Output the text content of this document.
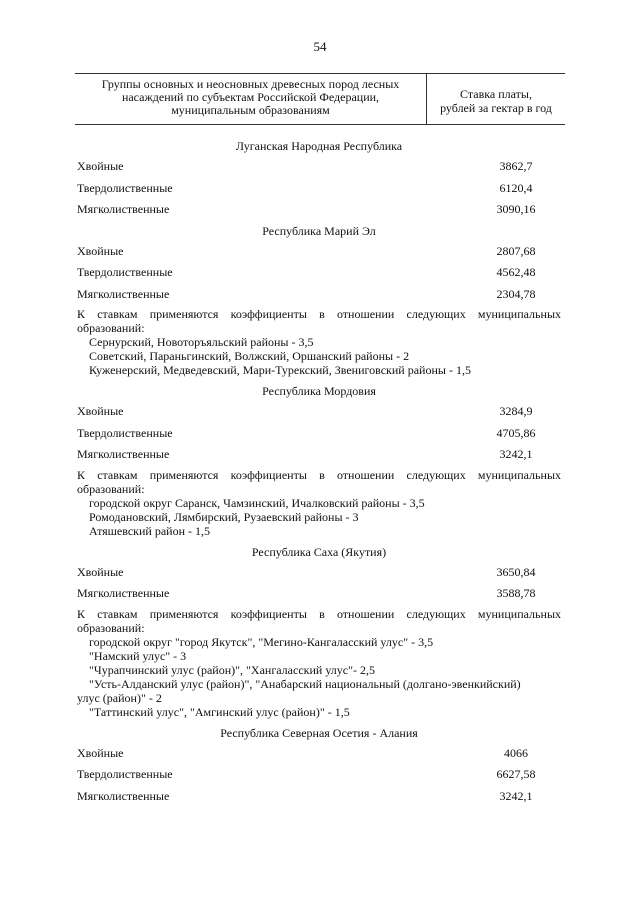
54
Группы основных и неосновных древесных пород лесных
насаждений по субъектам Российской Федерации,
муниципальным образованиям
Ставка платы,
рублей за гектар в год
Луганская Народная Республика
Хвойные	3862,7
Твердолиственные	6120,4
Мягколиственные	3090,16
Республика Марий Эл
Хвойные	2807,68
Твердолиственные	4562,48
Мягколиственные	2304,78
К ставкам применяются коэффициенты в отношении следующих муниципальных образований:
Сернурский, Новоторъяльский районы - 3,5
Советский, Параньгинский, Волжский, Оршанский районы - 2
Куженерский, Медведевский, Мари-Турекский, Звениговский районы - 1,5
Республика Мордовия
Хвойные	3284,9
Твердолиственные	4705,86
Мягколиственные	3242,1
К ставкам применяются коэффициенты в отношении следующих муниципальных образований:
городской округ Саранск, Чамзинский, Ичалковский районы - 3,5
Ромодановский, Лямбирский, Рузаевский районы - 3
Атяшевский район - 1,5
Республика Саха (Якутия)
Хвойные	3650,84
Мягколиственные	3588,78
К ставкам применяются коэффициенты в отношении следующих муниципальных образований:
городской округ "город Якутск", "Мегино-Кангаласский улус" - 3,5
"Намский улус" - 3
"Чурапчинский улус (район)", "Хангаласский улус"- 2,5
"Усть-Алданский улус (район)", "Анабарский национальный (долгано-эвенкийский)
улус (район)" - 2
"Таттинский улус", "Амгинский улус (район)" - 1,5
Республика Северная Осетия - Алания
Хвойные	4066
Твердолиственные	6627,58
Мягколиственные	3242,1
